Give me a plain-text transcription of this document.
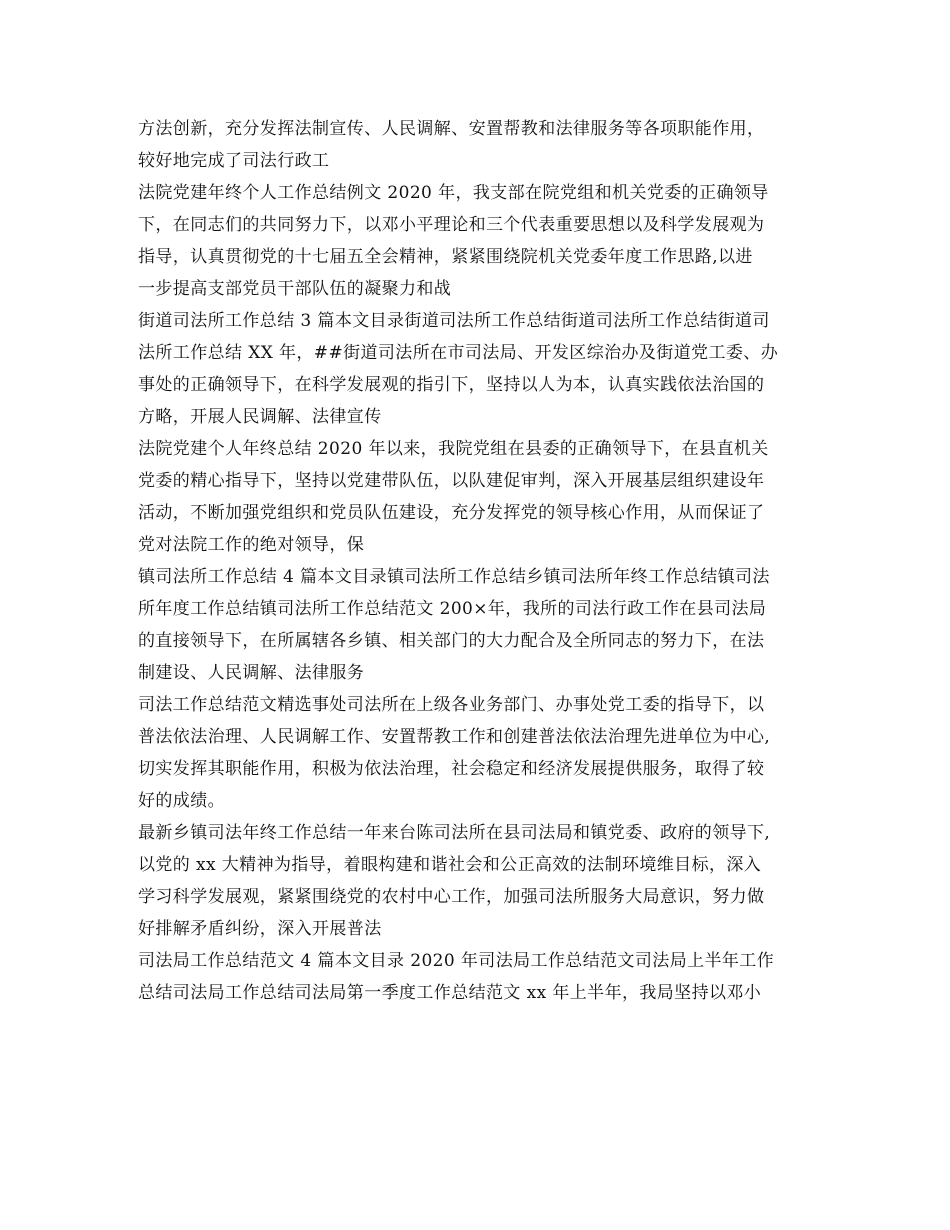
方法创新，充分发挥法制宣传、人民调解、安置帮教和法律服务等各项职能作用，
较好地完成了司法行政工

法院党建年终个人工作总结例文 2020 年，我支部在院党组和机关党委的正确领导
下，在同志们的共同努力下，以邓小平理论和三个代表重要思想以及科学发展观为
指导，认真贯彻党的十七届五全会精神，紧紧围绕院机关党委年度工作思路,以进
一步提高支部党员干部队伍的凝聚力和战

街道司法所工作总结 3 篇本文目录街道司法所工作总结街道司法所工作总结街道司
法所工作总结 XX 年，##街道司法所在市司法局、开发区综治办及街道党工委、办
事处的正确领导下，在科学发展观的指引下，坚持以人为本，认真实践依法治国的
方略，开展人民调解、法律宣传

法院党建个人年终总结 2020 年以来，我院党组在县委的正确领导下，在县直机关
党委的精心指导下，坚持以党建带队伍，以队建促审判，深入开展基层组织建设年
活动，不断加强党组织和党员队伍建设，充分发挥党的领导核心作用，从而保证了
党对法院工作的绝对领导，保

镇司法所工作总结 4 篇本文目录镇司法所工作总结乡镇司法所年终工作总结镇司法
所年度工作总结镇司法所工作总结范文 200×年，我所的司法行政工作在县司法局
的直接领导下，在所属辖各乡镇、相关部门的大力配合及全所同志的努力下，在法
制建设、人民调解、法律服务

司法工作总结范文精选事处司法所在上级各业务部门、办事处党工委的指导下，以
普法依法治理、人民调解工作、安置帮教工作和创建普法依法治理先进单位为中心,
切实发挥其职能作用，积极为依法治理，社会稳定和经济发展提供服务，取得了较
好的成绩。

最新乡镇司法年终工作总结一年来台陈司法所在县司法局和镇党委、政府的领导下,
以党的 xx 大精神为指导，着眼构建和谐社会和公正高效的法制环境维目标，深入
学习科学发展观，紧紧围绕党的农村中心工作，加强司法所服务大局意识，努力做
好排解矛盾纠纷，深入开展普法

司法局工作总结范文 4 篇本文目录 2020 年司法局工作总结范文司法局上半年工作
总结司法局工作总结司法局第一季度工作总结范文 xx 年上半年，我局坚持以邓小
